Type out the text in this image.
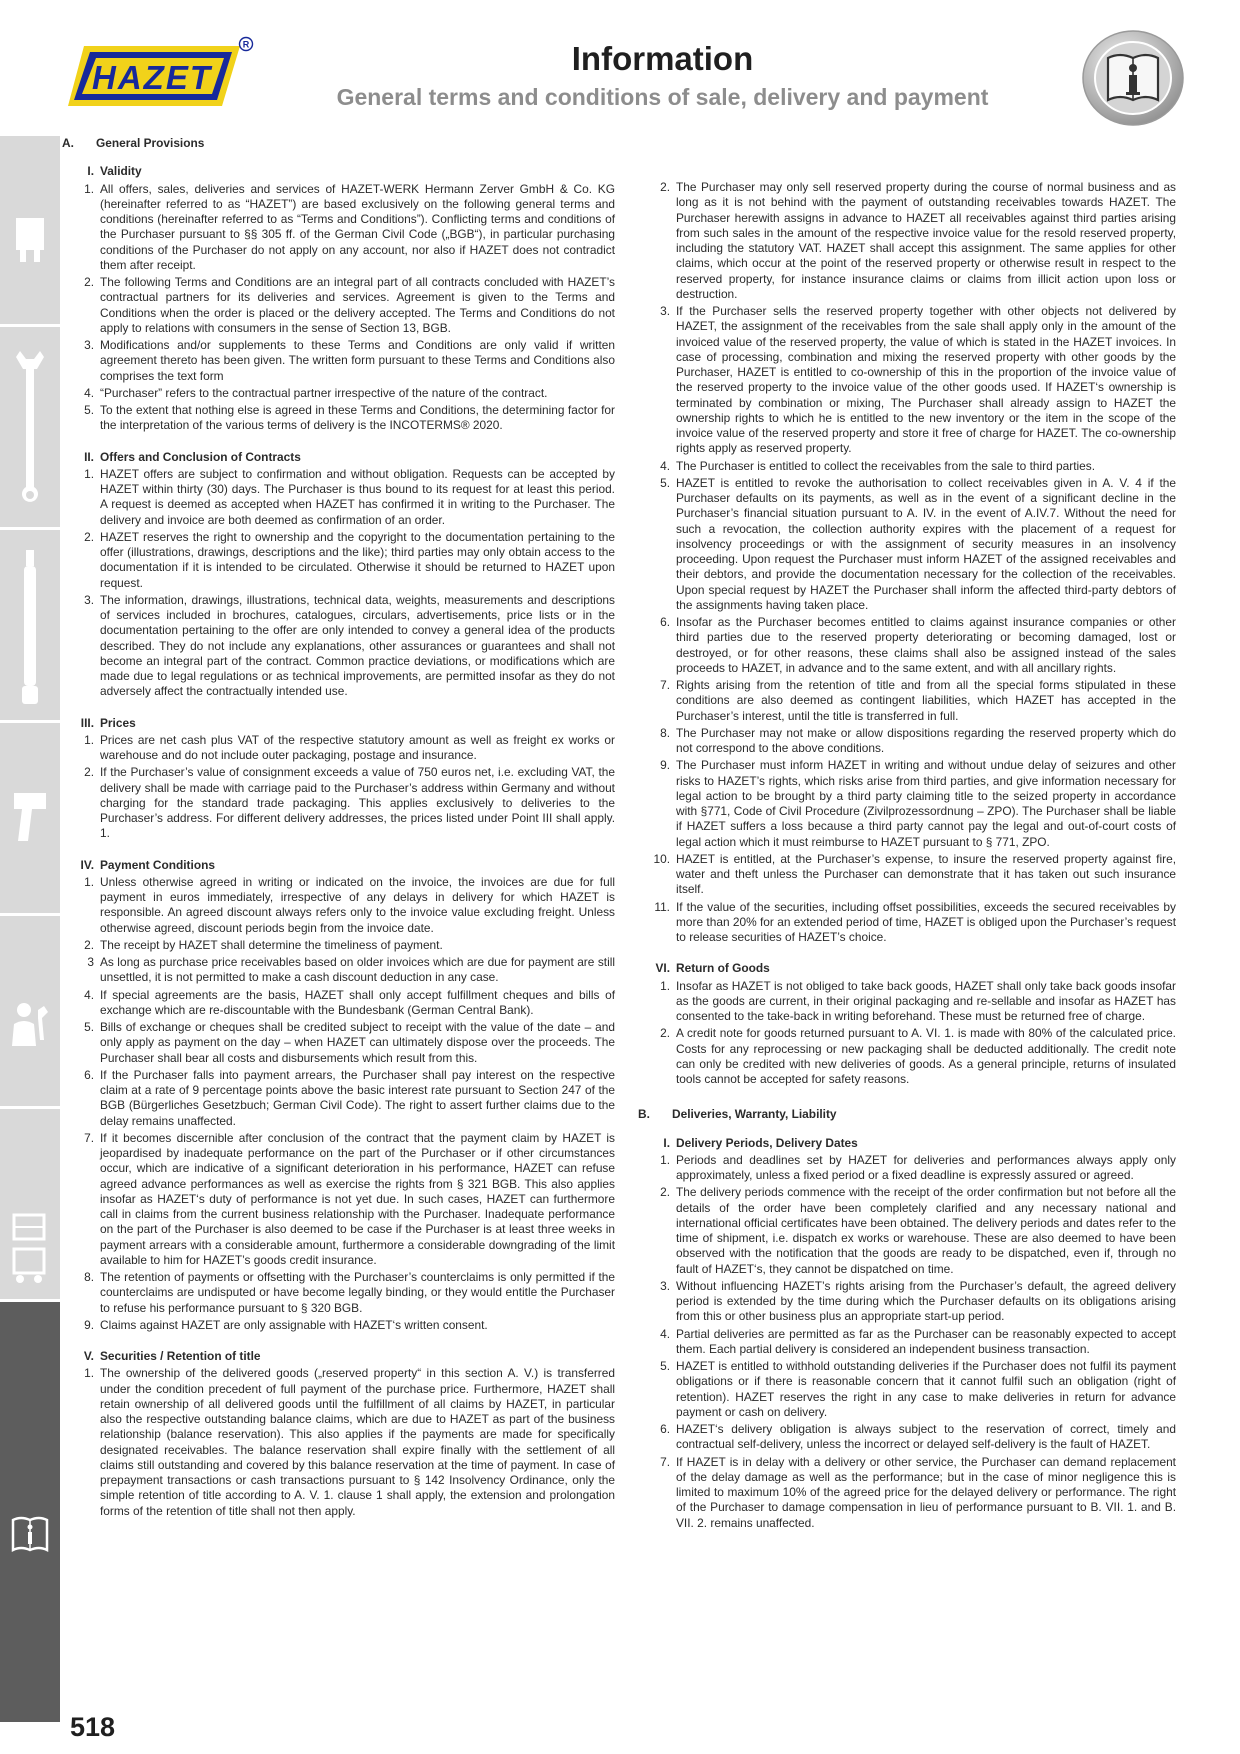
HAZET
R	Information
General terms and conditions of sale, delivery and payment
A. General Provisions
I. Validity
1. All offers, sales, deliveries and services of HAZET-WERK Hermann Zerver GmbH & Co. KG (hereinafter referred to as “HAZET”) are based exclusively on the following general terms and conditions (hereinafter referred to as “Terms and Conditions”). Conflicting terms and conditions of the Purchaser pursuant to §§ 305 ff. of the German Civil Code („BGB“), in particular purchasing conditions of the Purchaser do not apply on any account, nor also if HAZET does not contradict them after receipt.
2. The following Terms and Conditions are an integral part of all contracts concluded with HAZET’s contractual partners for its deliveries and services. Agreement is given to the Terms and Conditions when the order is placed or the delivery accepted. The Terms and Conditions do not apply to relations with consumers in the sense of Section 13, BGB.
3. Modifications and/or supplements to these Terms and Conditions are only valid if written agreement thereto has been given. The written form pursuant to these Terms and Conditions also comprises the text form
4. “Purchaser” refers to the contractual partner irrespective of the nature of the contract.
5. To the extent that nothing else is agreed in these Terms and Conditions, the determining factor for the interpretation of the various terms of delivery is the INCOTERMS® 2020.
II. Offers and Conclusion of Contracts
1. HAZET offers are subject to confirmation and without obligation. Requests can be accepted by HAZET within thirty (30) days. The Purchaser is thus bound to its request for at least this period. A request is deemed as accepted when HAZET has confirmed it in writing to the Purchaser. The delivery and invoice are both deemed as confirmation of an order.
2. HAZET reserves the right to ownership and the copyright to the documentation pertaining to the offer (illustrations, drawings, descriptions and the like); third parties may only obtain access to the documentation if it is intended to be circulated. Otherwise it should be returned to HAZET upon request.
3. The information, drawings, illustrations, technical data, weights, measurements and descriptions of services included in brochures, catalogues, circulars, advertisements, price lists or in the documentation pertaining to the offer are only intended to convey a general idea of the products described. They do not include any explanations, other assurances or guarantees and shall not become an integral part of the contract. Common practice deviations, or modifications which are made due to legal regulations or as technical improvements, are permitted insofar as they do not adversely affect the contractually intended use.
III. Prices
1. Prices are net cash plus VAT of the respective statutory amount as well as freight ex works or warehouse and do not include outer packaging, postage and insurance.
2. If the Purchaser’s value of consignment exceeds a value of 750 euros net, i.e. excluding VAT, the delivery shall be made with carriage paid to the Purchaser’s address within Germany and without charging for the standard trade packaging. This applies exclusively to deliveries to the Purchaser’s address. For different delivery addresses, the prices listed under Point III shall apply. 1.
IV. Payment Conditions
1. Unless otherwise agreed in writing or indicated on the invoice, the invoices are due for full payment in euros immediately, irrespective of any delays in delivery for which HAZET is responsible. An agreed discount always refers only to the invoice value excluding freight. Unless otherwise agreed, discount periods begin from the invoice date.
2. The receipt by HAZET shall determine the timeliness of payment.
3 As long as purchase price receivables based on older invoices which are due for payment are still unsettled, it is not permitted to make a cash discount deduction in any case.
4. If special agreements are the basis, HAZET shall only accept fulfillment cheques and bills of exchange which are re-discountable with the Bundesbank (German Central Bank).
5. Bills of exchange or cheques shall be credited subject to receipt with the value of the date – and only apply as payment on the day – when HAZET can ultimately dispose over the proceeds. The Purchaser shall bear all costs and disbursements which result from this.
6. If the Purchaser falls into payment arrears, the Purchaser shall pay interest on the respective claim at a rate of 9 percentage points above the basic interest rate pursuant to Section 247 of the BGB (Bürgerliches Gesetzbuch; German Civil Code). The right to assert further claims due to the delay remains unaffected.
7. If it becomes discernible after conclusion of the contract that the payment claim by HAZET is jeopardised by inadequate performance on the part of the Purchaser or if other circumstances occur, which are indicative of a significant deterioration in his performance, HAZET can refuse agreed advance performances as well as exercise the rights from § 321 BGB. This also applies insofar as HAZET‘s duty of performance is not yet due. In such cases, HAZET can furthermore call in claims from the current business relationship with the Purchaser. Inadequate performance on the part of the Purchaser is also deemed to be case if the Purchaser is at least three weeks in payment arrears with a considerable amount, furthermore a considerable downgrading of the limit available to him for HAZET’s goods credit insurance.
8. The retention of payments or offsetting with the Purchaser’s counterclaims is only permitted if the counterclaims are undisputed or have become legally binding, or they would entitle the Purchaser to refuse his performance pursuant to § 320 BGB.
9. Claims against HAZET are only assignable with HAZET‘s written consent.
V. Securities / Retention of title
1. The ownership of the delivered goods („reserved property“ in this section A. V.) is transferred under the condition precedent of full payment of the purchase price. Furthermore, HAZET shall retain ownership of all delivered goods until the fulfillment of all claims by HAZET, in particular also the respective outstanding balance claims, which are due to HAZET as part of the business relationship (balance reservation). This also applies if the payments are made for specifically designated receivables. The balance reservation shall expire finally with the settlement of all claims still outstanding and covered by this balance reservation at the time of payment. In case of prepayment transactions or cash transactions pursuant to § 142 Insolvency Ordinance, only the simple retention of title according to A. V. 1. clause 1 shall apply, the extension and prolongation forms of the retention of title shall not then apply.
2. The Purchaser may only sell reserved property during the course of normal business and as long as it is not behind with the payment of outstanding receivables towards HAZET. The Purchaser herewith assigns in advance to HAZET all receivables against third parties arising from such sales in the amount of the respective invoice value for the resold reserved property, including the statutory VAT. HAZET shall accept this assignment. The same applies for other claims, which occur at the point of the reserved property or otherwise result in respect to the reserved property, for instance insurance claims or claims from illicit action upon loss or destruction.
3. If the Purchaser sells the reserved property together with other objects not delivered by HAZET, the assignment of the receivables from the sale shall apply only in the amount of the invoiced value of the reserved property, the value of which is stated in the HAZET invoices. In case of processing, combination and mixing the reserved property with other goods by the Purchaser, HAZET is entitled to co-ownership of this in the proportion of the invoice value of the reserved property to the invoice value of the other goods used. If HAZET‘s ownership is terminated by combination or mixing, The Purchaser shall already assign to HAZET the ownership rights to which he is entitled to the new inventory or the item in the scope of the invoice value of the reserved property and store it free of charge for HAZET. The co-ownership rights apply as reserved property.
4. The Purchaser is entitled to collect the receivables from the sale to third parties.
5. HAZET is entitled to revoke the authorisation to collect receivables given in A. V. 4 if the Purchaser defaults on its payments, as well as in the event of a significant decline in the Purchaser’s financial situation pursuant to A. IV. in the event of A.IV.7. Without the need for such a revocation, the collection authority expires with the placement of a request for insolvency proceedings or with the assignment of security measures in an insolvency proceeding. Upon request the Purchaser must inform HAZET of the assigned receivables and their debtors, and provide the documentation necessary for the collection of the receivables. Upon special request by HAZET the Purchaser shall inform the affected third-party debtors of the assignments having taken place.
6. Insofar as the Purchaser becomes entitled to claims against insurance companies or other third parties due to the reserved property deteriorating or becoming damaged, lost or destroyed, or for other reasons, these claims shall also be assigned instead of the sales proceeds to HAZET, in advance and to the same extent, and with all ancillary rights.
7. Rights arising from the retention of title and from all the special forms stipulated in these conditions are also deemed as contingent liabilities, which HAZET has accepted in the Purchaser’s interest, until the title is transferred in full.
8. The Purchaser may not make or allow dispositions regarding the reserved property which do not correspond to the above conditions.
9. The Purchaser must inform HAZET in writing and without undue delay of seizures and other risks to HAZET’s rights, which risks arise from third parties, and give information necessary for legal action to be brought by a third party claiming title to the seized property in accordance with §771, Code of Civil Procedure (Zivilprozessordnung – ZPO). The Purchaser shall be liable if HAZET suffers a loss because a third party cannot pay the legal and out-of-court costs of legal action which it must reimburse to HAZET pursuant to § 771, ZPO.
10. HAZET is entitled, at the Purchaser’s expense, to insure the reserved property against fire, water and theft unless the Purchaser can demonstrate that it has taken out such insurance itself.
11. If the value of the securities, including offset possibilities, exceeds the secured receivables by more than 20% for an extended period of time, HAZET is obliged upon the Purchaser’s request to release securities of HAZET’s choice.
VI. Return of Goods
1. Insofar as HAZET is not obliged to take back goods, HAZET shall only take back goods insofar as the goods are current, in their original packaging and re-sellable and insofar as HAZET has consented to the take-back in writing beforehand. These must be returned free of charge.
2. A credit note for goods returned pursuant to A. VI. 1. is made with 80% of the calculated price. Costs for any reprocessing or new packaging shall be deducted additionally. The credit note can only be credited with new deliveries of goods. As a general principle, returns of insulated tools cannot be accepted for safety reasons.
B. Deliveries, Warranty, Liability
I. Delivery Periods, Delivery Dates
1. Periods and deadlines set by HAZET for deliveries and performances always apply only approximately, unless a fixed period or a fixed deadline is expressly assured or agreed.
2. The delivery periods commence with the receipt of the order confirmation but not before all the details of the order have been completely clarified and any necessary national and international official certificates have been obtained. The delivery periods and dates refer to the time of shipment, i.e. dispatch ex works or warehouse. These are also deemed to have been observed with the notification that the goods are ready to be dispatched, even if, through no fault of HAZET‘s, they cannot be dispatched on time.
3. Without influencing HAZET’s rights arising from the Purchaser’s default, the agreed delivery period is extended by the time during which the Purchaser defaults on its obligations arising from this or other business plus an appropriate start-up period.
4. Partial deliveries are permitted as far as the Purchaser can be reasonably expected to accept them. Each partial delivery is considered an independent business transaction.
5. HAZET is entitled to withhold outstanding deliveries if the Purchaser does not fulfil its payment obligations or if there is reasonable concern that it cannot fulfil such an obligation (right of retention). HAZET reserves the right in any case to make deliveries in return for advance payment or cash on delivery.
6. HAZET‘s delivery obligation is always subject to the reservation of correct, timely and contractual self-delivery, unless the incorrect or delayed self-delivery is the fault of HAZET.
7. If HAZET is in delay with a delivery or other service, the Purchaser can demand replacement of the delay damage as well as the performance; but in the case of minor negligence this is limited to maximum 10% of the agreed price for the delayed delivery or performance. The right of the Purchaser to damage compensation in lieu of performance pursuant to B. VII. 1. and B. VII. 2. remains unaffected.
518
